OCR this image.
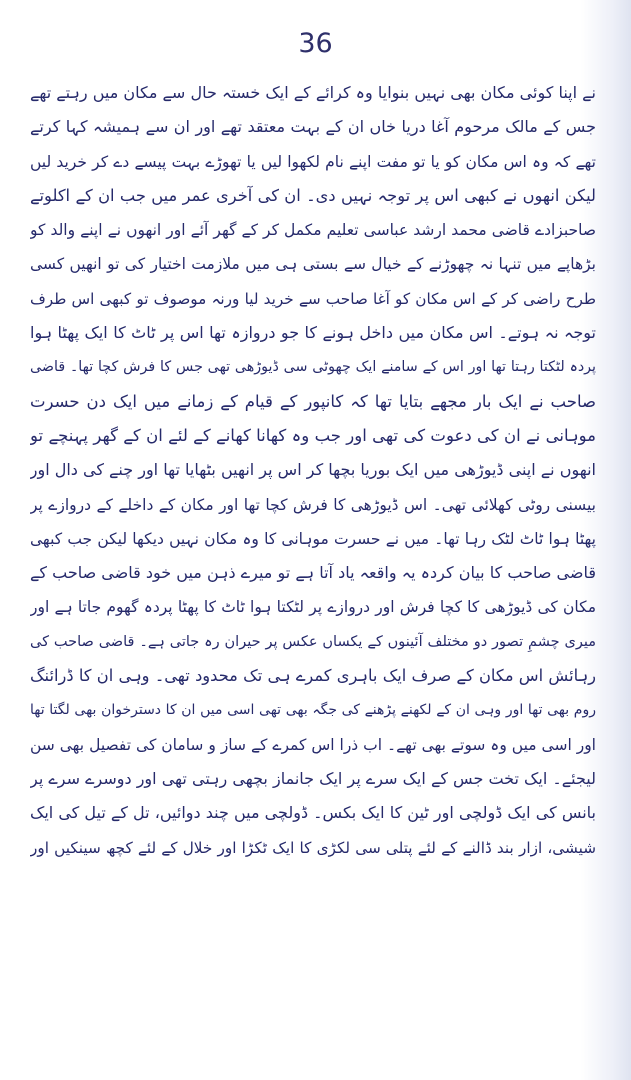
36
نے اپنا کوئی مکان بھی نہیں بنوایا وہ کرائے کے ایک خستہ حال سے مکان میں رہتے تھے
جس کے مالک مرحوم آغا دریا خاں ان کے بہت معتقد تھے اور ان سے ہمیشہ کہا کرتے
تھے کہ وہ اس مکان کو یا تو مفت اپنے نام لکھوا لیں یا تھوڑے بہت پیسے دے کر خرید لیں
لیکن انھوں نے کبھی اس پر توجہ نہیں دی۔ ان کی آخری عمر میں جب ان کے اکلوتے
صاحبزادے قاضی محمد ارشد عباسی تعلیم مکمل کر کے گھر آئے اور انھوں نے اپنے والد کو
بڑھاپے میں تنہا نہ چھوڑنے کے خیال سے بستی ہی میں ملازمت اختیار کی تو انھیں کسی
طرح راضی کر کے اس مکان کو آغا صاحب سے خرید لیا ورنہ موصوف تو کبھی اس طرف
توجہ نہ ہوتے۔ اس مکان میں داخل ہونے کا جو دروازہ تھا اس پر ٹاٹ کا ایک پھٹا ہوا
پردہ لٹکتا رہتا تھا اور اس کے سامنے ایک چھوٹی سی ڈیوڑھی تھی جس کا فرش کچا تھا۔ قاضی
صاحب نے ایک بار مجھے بتایا تھا کہ کانپور کے قیام کے زمانے میں ایک دن حسرت
موہانی نے ان کی دعوت کی تھی اور جب وہ کھانا کھانے کے لئے ان کے گھر پہنچے تو
انھوں نے اپنی ڈیوڑھی میں ایک بوریا بچھا کر اس پر انھیں بٹھایا تھا اور چنے کی دال اور
بیسنی روٹی کھلائی تھی۔ اس ڈیوڑھی کا فرش کچا تھا اور مکان کے داخلے کے دروازے پر
پھٹا ہوا ٹاٹ لٹک رہا تھا۔ میں نے حسرت موہانی کا وہ مکان نہیں دیکھا لیکن جب کبھی
قاضی صاحب کا بیان کردہ یہ واقعہ یاد آتا ہے تو میرے ذہن میں خود قاضی صاحب کے
مکان کی ڈیوڑھی کا کچا فرش اور دروازے پر لٹکتا ہوا ٹاٹ کا پھٹا پردہ گھوم جاتا ہے اور
میری چشمِ تصور دو مختلف آئینوں کے یکساں عکس پر حیران رہ جاتی ہے۔ قاضی صاحب کی
رہائش اس مکان کے صرف ایک باہری کمرے ہی تک محدود تھی۔ وہی ان کا ڈرائنگ
روم بھی تھا اور وہی ان کے لکھنے پڑھنے کی جگہ بھی تھی اسی میں ان کا دسترخوان بھی لگتا تھا
اور اسی میں وہ سوتے بھی تھے۔ اب ذرا اس کمرے کے ساز و سامان کی تفصیل بھی سن
لیجئے۔ ایک تخت جس کے ایک سرے پر ایک جانماز بچھی رہتی تھی اور دوسرے سرے پر
بانس کی ایک ڈولچی اور ٹین کا ایک بکس۔ ڈولچی میں چند دوائیں، تل کے تیل کی ایک
شیشی، ازار بند ڈالنے کے لئے پتلی سی لکڑی کا ایک ٹکڑا اور خلال کے لئے کچھ سینکیں اور
